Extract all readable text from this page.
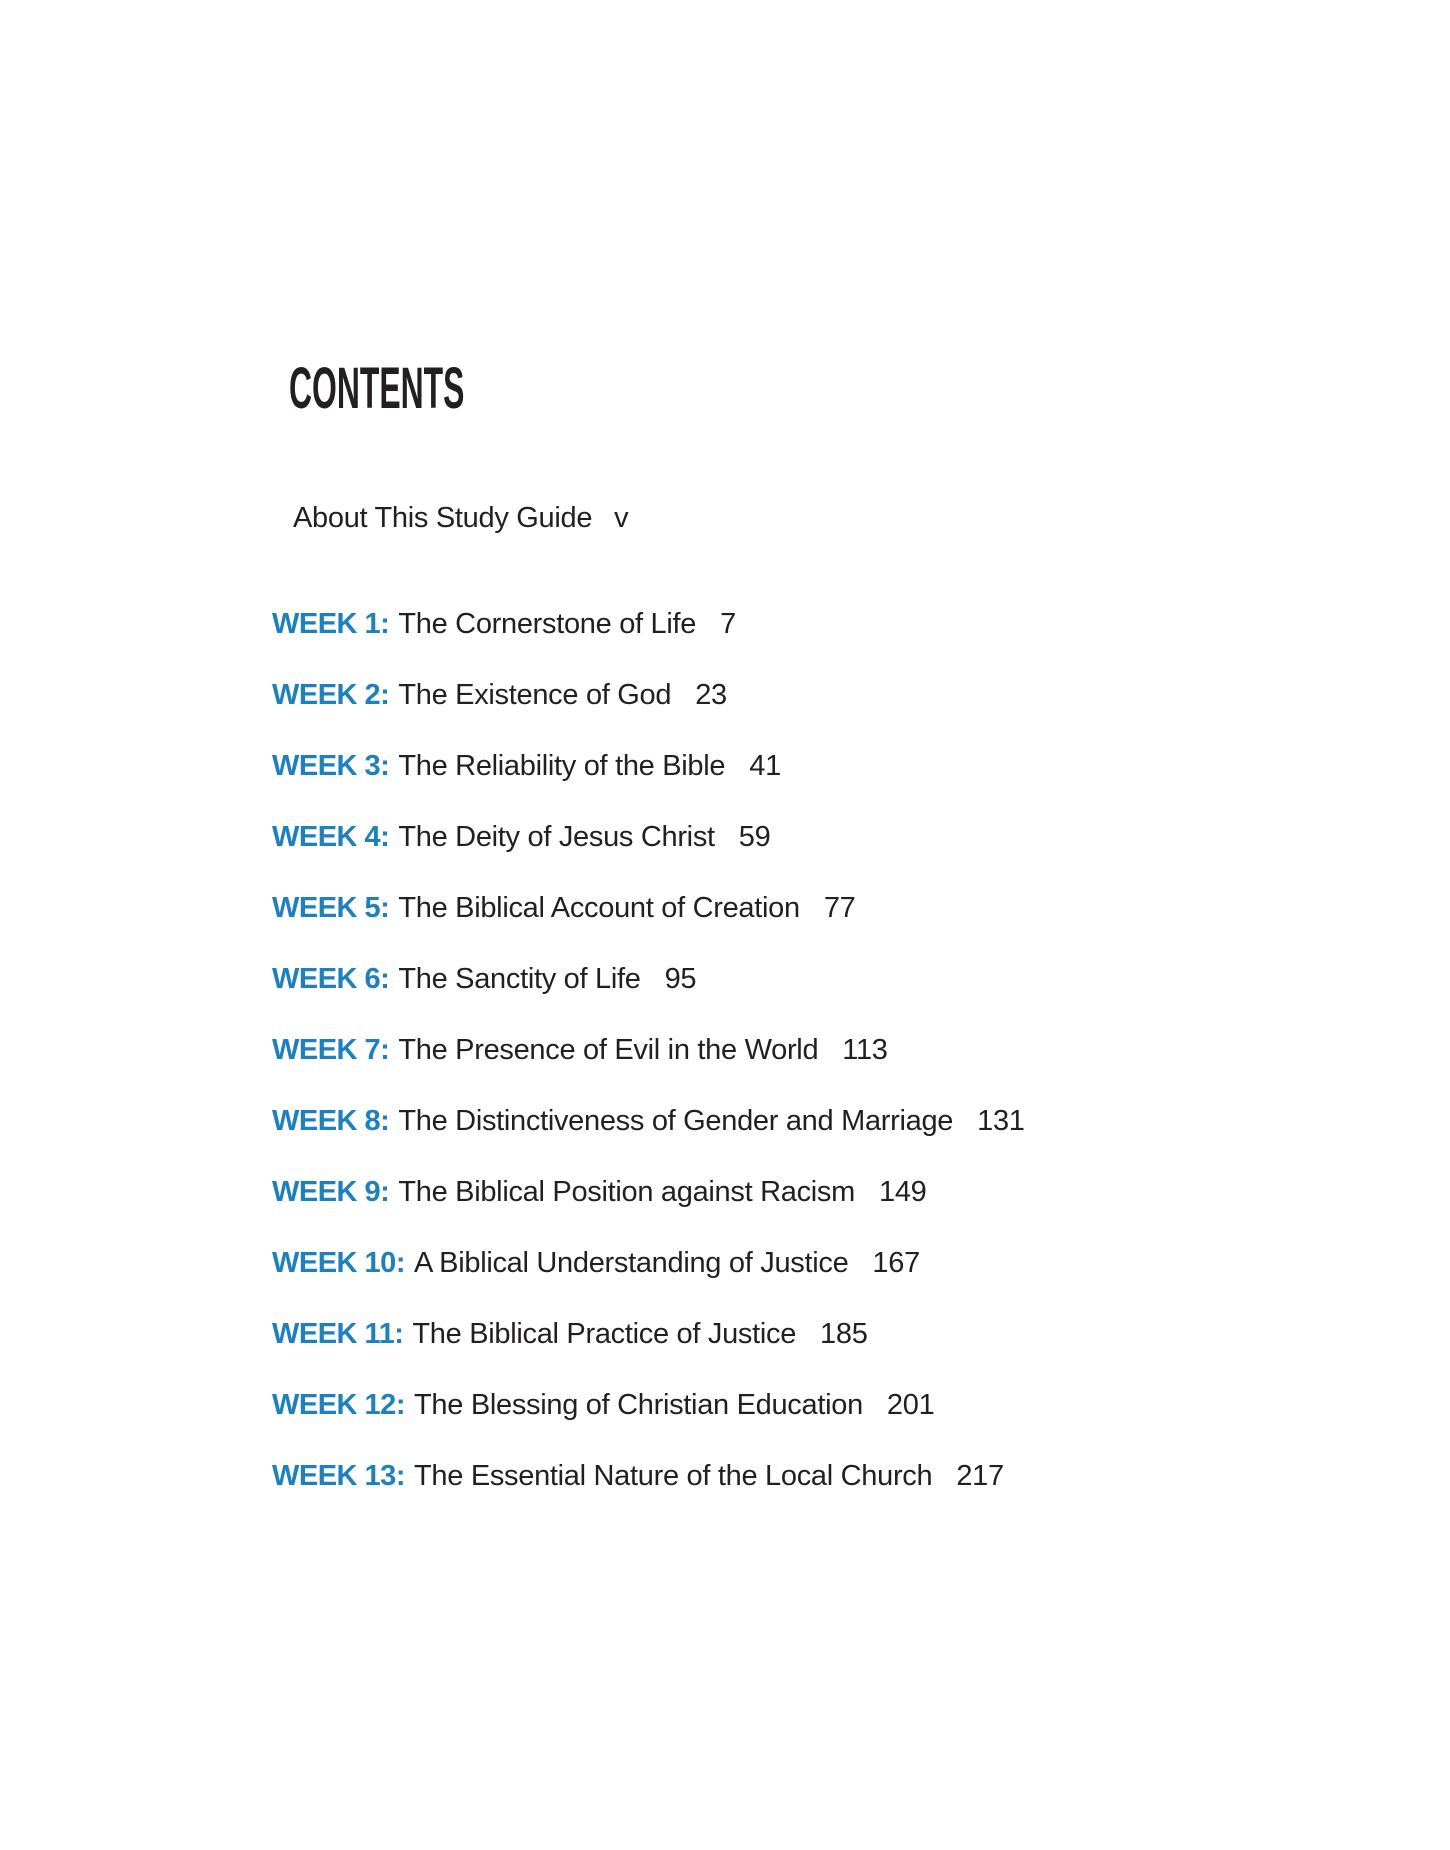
CONTENTS
About This Study Guide v
WEEK 1: The Cornerstone of Life 7
WEEK 2: The Existence of God 23
WEEK 3: The Reliability of the Bible 41
WEEK 4: The Deity of Jesus Christ 59
WEEK 5: The Biblical Account of Creation 77
WEEK 6: The Sanctity of Life 95
WEEK 7: The Presence of Evil in the World 113
WEEK 8: The Distinctiveness of Gender and Marriage 131
WEEK 9: The Biblical Position against Racism 149
WEEK 10: A Biblical Understanding of Justice 167
WEEK 11: The Biblical Practice of Justice 185
WEEK 12: The Blessing of Christian Education 201
WEEK 13: The Essential Nature of the Local Church 217
